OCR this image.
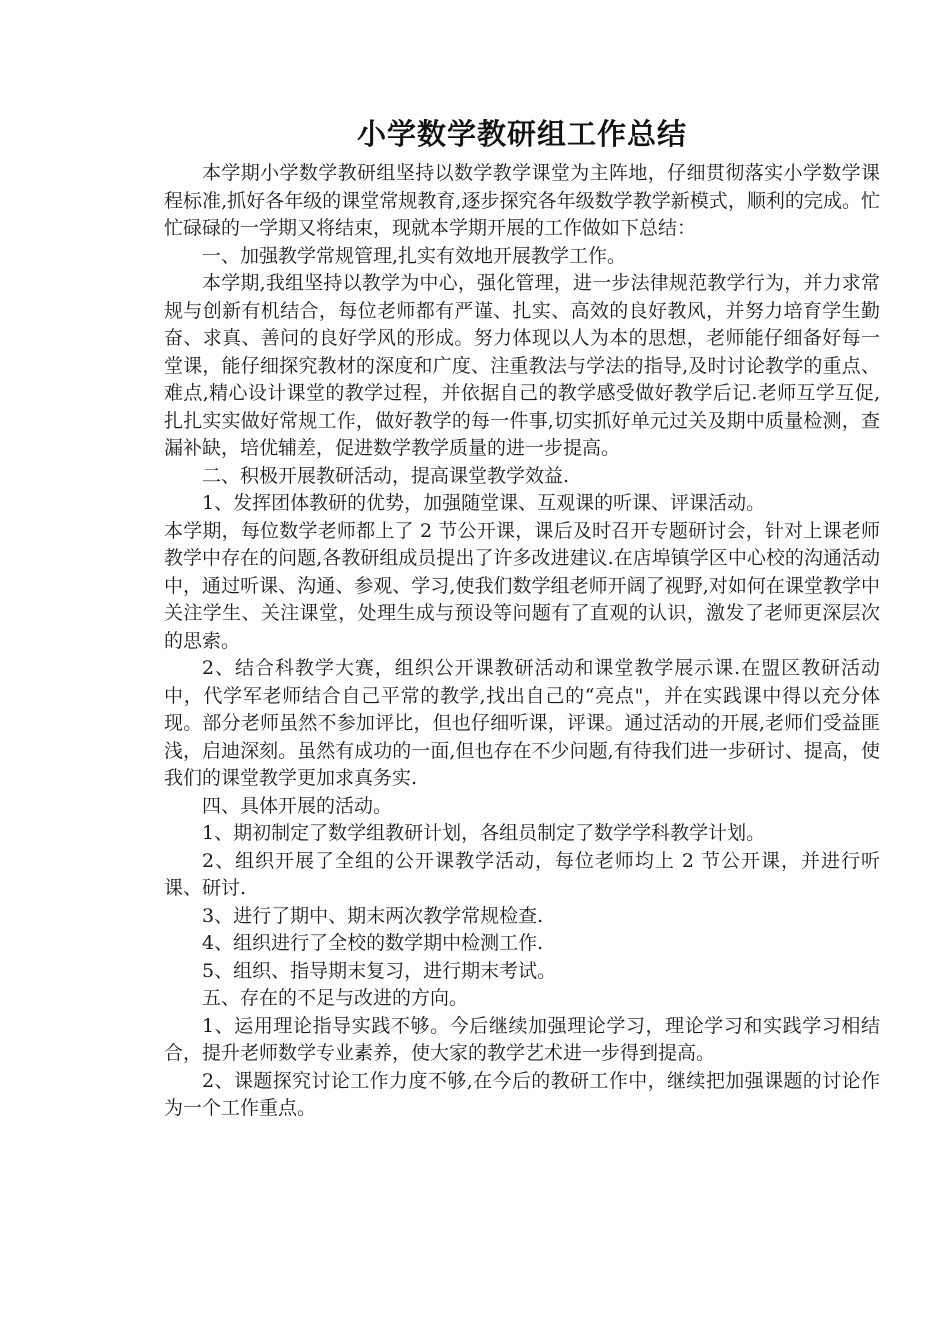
小学数学教研组工作总结

本学期小学数学教研组坚持以数学教学课堂为主阵地，仔细贯彻落实小学数学课程标准,抓好各年级的课堂常规教育,逐步探究各年级数学教学新模式，顺利的完成。忙忙碌碌的一学期又将结束，现就本学期开展的工作做如下总结：

一、加强教学常规管理,扎实有效地开展教学工作。

本学期,我组坚持以教学为中心，强化管理，进一步法律规范教学行为，并力求常规与创新有机结合，每位老师都有严谨、扎实、高效的良好教风，并努力培育学生勤奋、求真、善问的良好学风的形成。努力体现以人为本的思想，老师能仔细备好每一堂课，能仔细探究教材的深度和广度、注重教法与学法的指导,及时讨论教学的重点、难点,精心设计课堂的教学过程，并依据自己的教学感受做好教学后记.老师互学互促,扎扎实实做好常规工作，做好教学的每一件事,切实抓好单元过关及期中质量检测，查漏补缺，培优辅差，促进数学教学质量的进一步提高。

二、积极开展教研活动，提高课堂教学效益.

1、发挥团体教研的优势，加强随堂课、互观课的听课、评课活动。

本学期，每位数学老师都上了 2 节公开课，课后及时召开专题研讨会，针对上课老师教学中存在的问题,各教研组成员提出了许多改进建议.在店埠镇学区中心校的沟通活动中，通过听课、沟通、参观、学习,使我们数学组老师开阔了视野,对如何在课堂教学中关注学生、关注课堂，处理生成与预设等问题有了直观的认识，激发了老师更深层次的思索。

2、结合科教学大赛，组织公开课教研活动和课堂教学展示课.在盟区教研活动中，代学军老师结合自己平常的教学,找出自己的“亮点"，并在实践课中得以充分体现。部分老师虽然不参加评比，但也仔细听课，评课。通过活动的开展,老师们受益匪浅，启迪深刻。虽然有成功的一面,但也存在不少问题,有待我们进一步研讨、提高，使我们的课堂教学更加求真务实.

四、具体开展的活动。

1、期初制定了数学组教研计划，各组员制定了数学学科教学计划。

2、组织开展了全组的公开课教学活动，每位老师均上 2 节公开课，并进行听课、研讨.

3、进行了期中、期末两次教学常规检查.

4、组织进行了全校的数学期中检测工作.

5、组织、指导期末复习，进行期末考试。

五、存在的不足与改进的方向。

1、运用理论指导实践不够。今后继续加强理论学习，理论学习和实践学习相结合，提升老师数学专业素养，使大家的教学艺术进一步得到提高。

2、课题探究讨论工作力度不够,在今后的教研工作中，继续把加强课题的讨论作为一个工作重点。
